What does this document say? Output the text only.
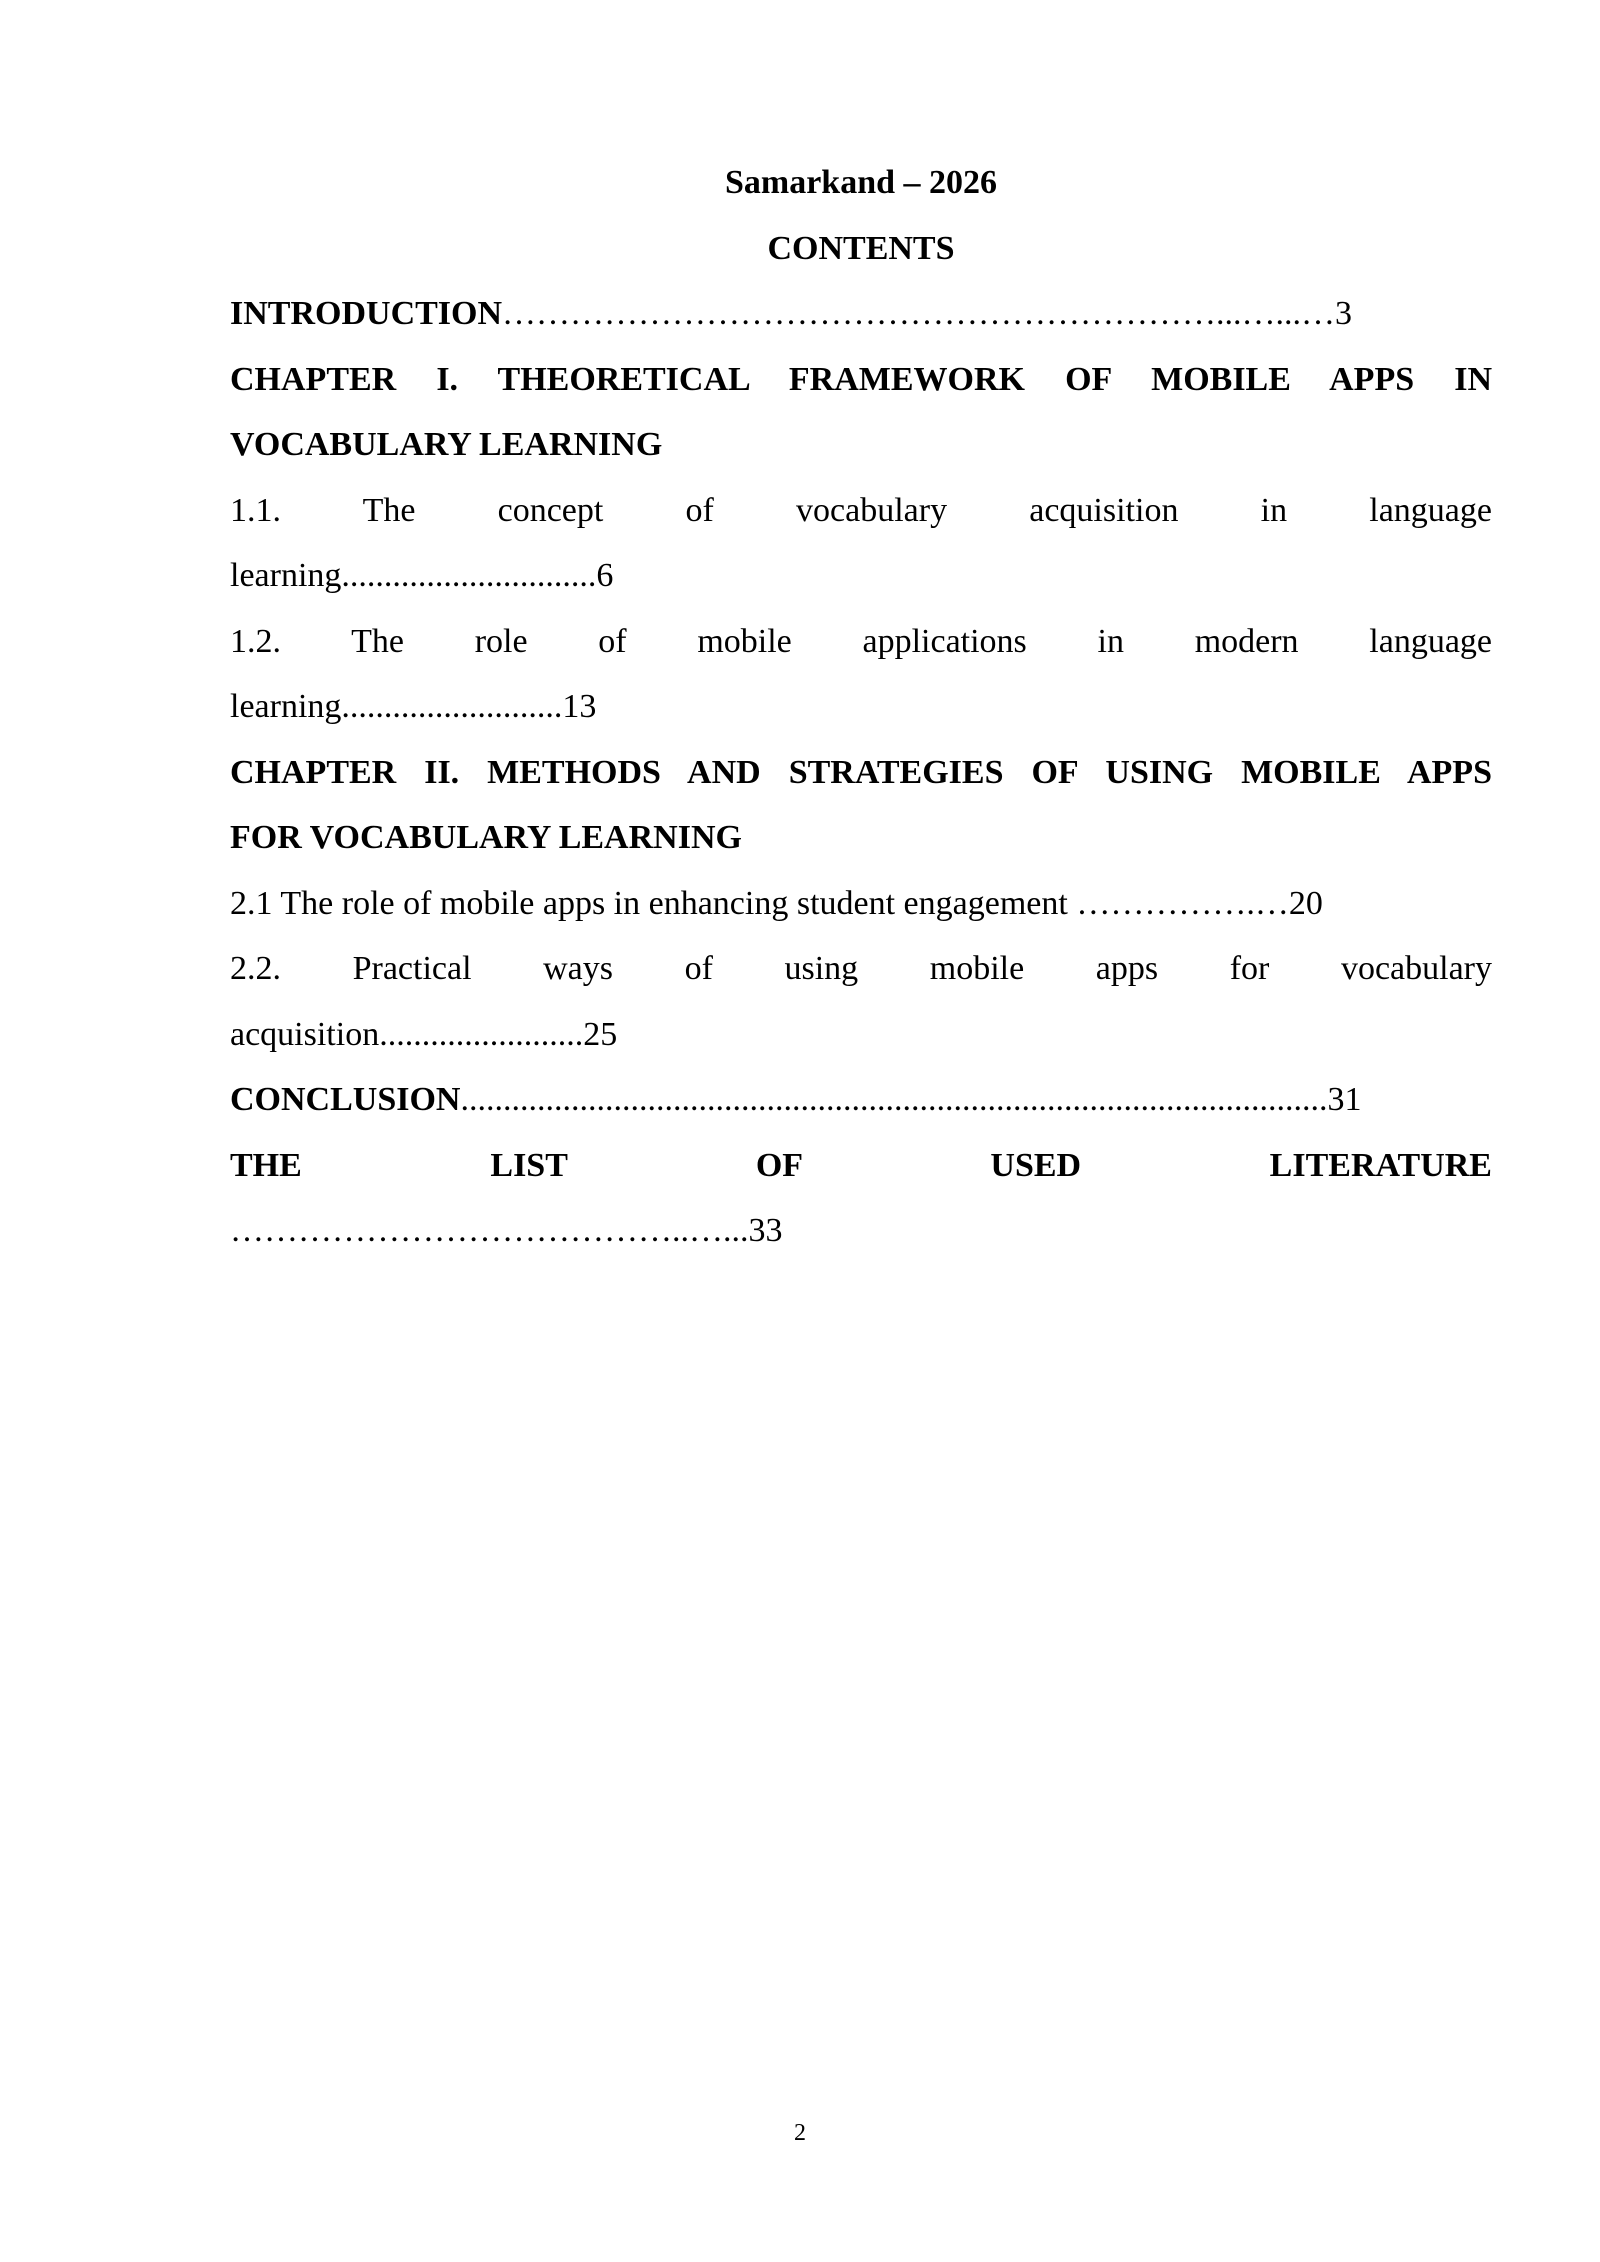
Samarkand – 2026
CONTENTS
INTRODUCTION………………………………………………………...…...…3
CHAPTER I. THEORETICAL FRAMEWORK OF MOBILE APPS IN
VOCABULARY LEARNING
1.1. The concept of vocabulary acquisition in language
learning..............................6
1.2. The role of mobile applications in modern language
learning..........................13
CHAPTER II. METHODS AND STRATEGIES OF USING MOBILE APPS
FOR VOCABULARY LEARNING
2.1 The role of mobile apps in enhancing student engagement …………….…20
2.2. Practical ways of using mobile apps for vocabulary
acquisition........................25
CONCLUSION......................................................................................................31
THE LIST OF USED LITERATURE
…………………………………..…...33
2
